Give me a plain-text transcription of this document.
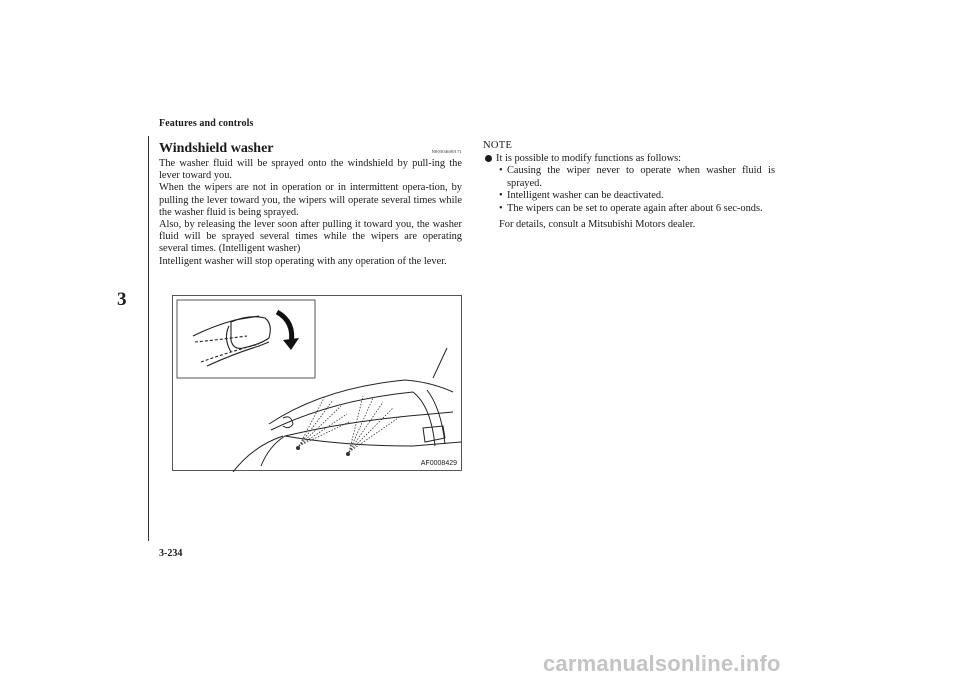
Features and controls
3
Windshield washer	N00504600171

The washer fluid will be sprayed onto the windshield by pull-ing the lever toward you.

When the wipers are not in operation or in intermittent opera-tion, by pulling the lever toward you, the wipers will operate several times while the washer fluid is being sprayed.

Also, by releasing the lever soon after pulling it toward you, the washer fluid will be sprayed several times while the wipers are operating several times. (Intelligent washer)

Intelligent washer will stop operating with any operation of the lever.

AF0008429
NOTE
It is possible to modify functions as follows:
• Causing the wiper never to operate when washer fluid is sprayed.
• Intelligent washer can be deactivated.
• The wipers can be set to operate again after about 6 sec-onds.
For details, consult a Mitsubishi Motors dealer.
3-234
carmanualsonline.info
